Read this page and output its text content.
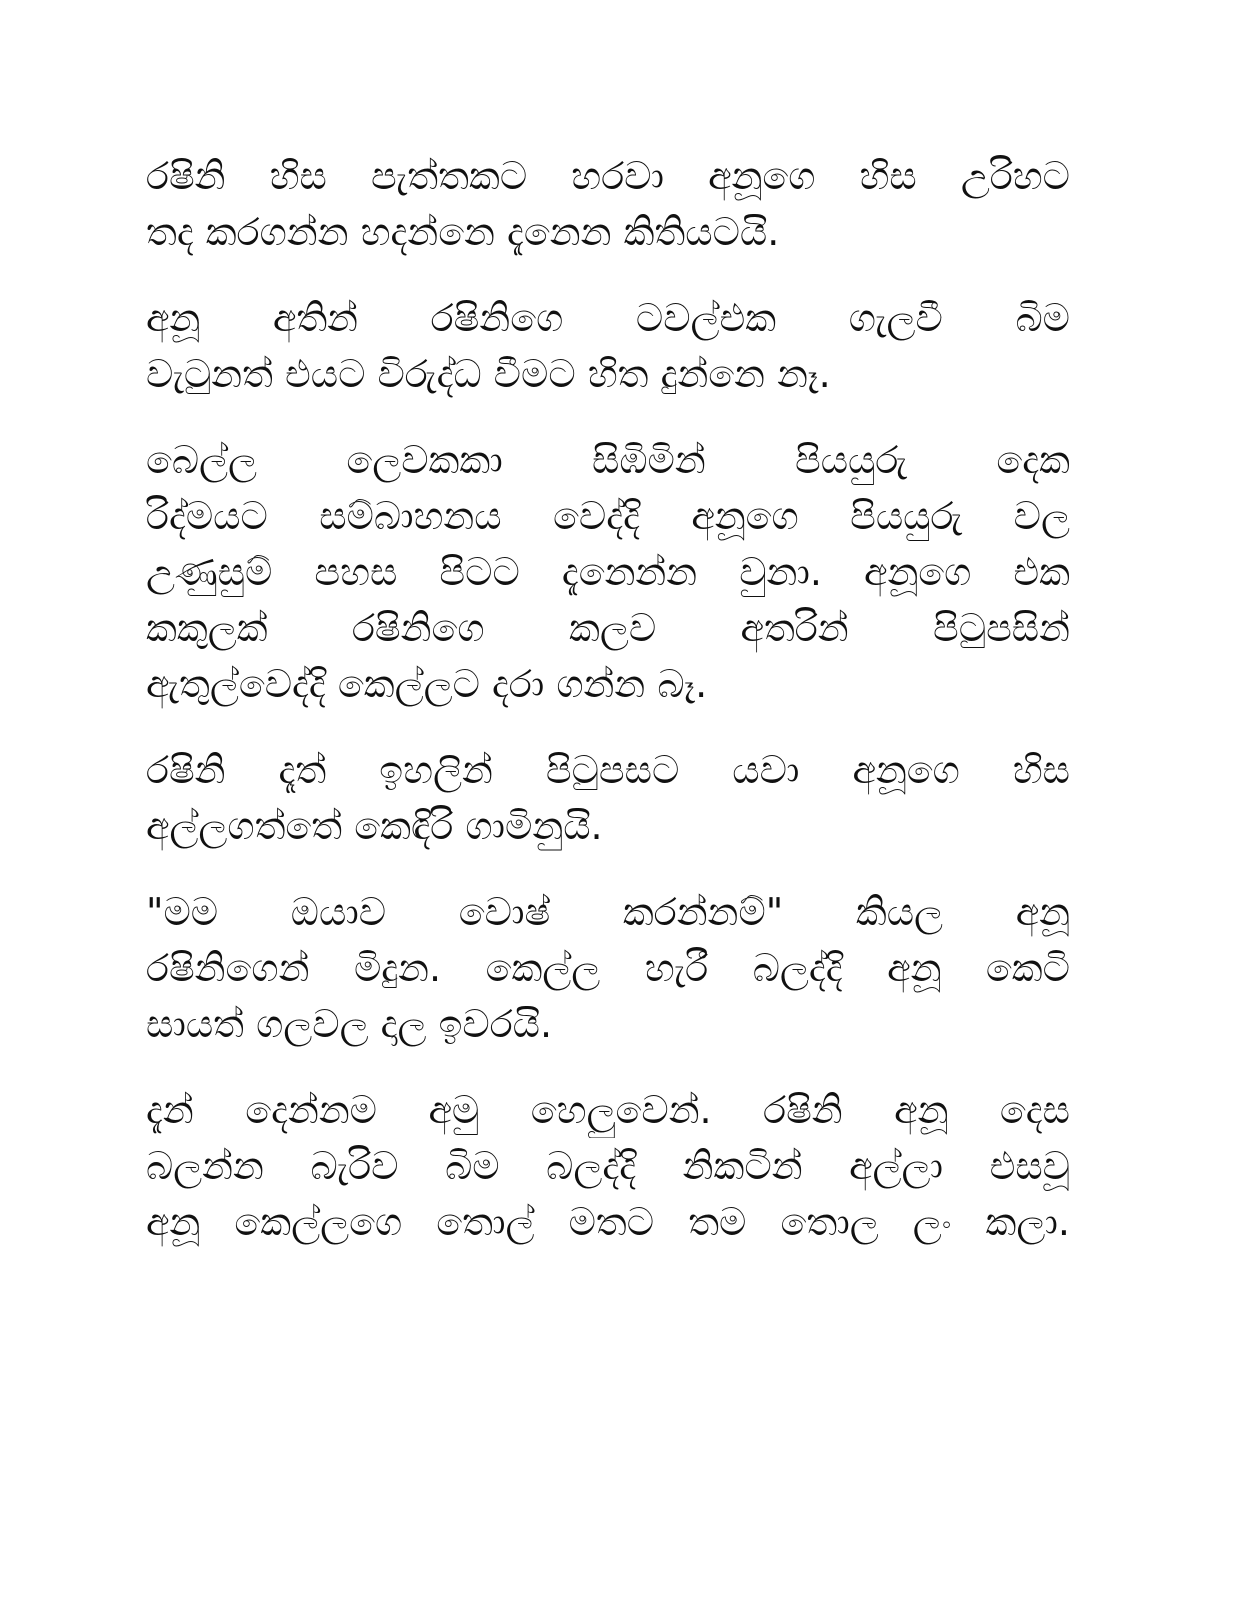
රෂිනි හිස පැත්තකට හරවා අනූගෙ හිස උරිහට
තද කරගන්න හදන්නෙ දැනෙන කිතියටයි.
අනූ අතින් රෂිනිගෙ ටවල්එක ගැලවී බිම
වැටුනත් එයට විරුද්ධ වීමට හිත දුන්නෙ නෑ.
බෙල්ල ලෙවකකා සිඹිමින් පියයුරු දෙක
රිද්මයට සම්බාහනය වෙද්දි අනූගෙ පියයුරු වල
උණුසුම් පහස පිටට දැනෙන්න වුනා. අනූගෙ එක
කකුලක් රෂිනිගෙ කලව අතරින් පිටුපසින්
ඇතුල්වෙද්දි කෙල්ලට දරා ගන්න බෑ.
රෂිනි දෑත් ඉහලින් පිටුපසට යවා අනූගෙ හිස
අල්ලගත්තේ කෙඳිරි ගාමිනුයි.
"මම ඔයාව වොෂ් කරන්නම්" කියල අනූ
රෂිනිගෙන් මිදුන. කෙල්ල හැරී බලද්දි අනූ කෙටි
සායත් ගලවල දාල ඉවරයි.
දැන් දෙන්නම අමු හෙලුවෙන්. රෂිනි අනූ දෙස
බලන්න බැරිව බිම බලද්දි නිකටින් අල්ලා එසවූ
අනූ කෙල්ලගෙ තොල් මතට තම තොල ලං කලා.
